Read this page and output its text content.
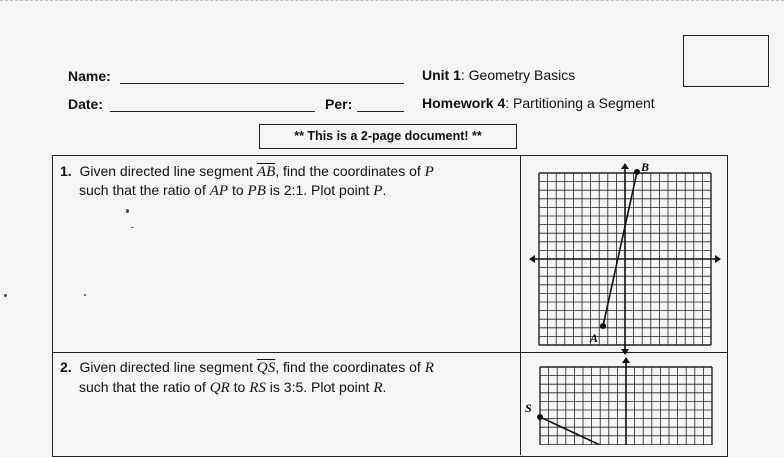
Name:
Date:	Per:
Unit 1: Geometry Basics
Homework 4: Partitioning a Segment
** This is a 2-page document! **
1. Given directed line segment $\overline{AB}$, find the coordinates of P
such that the ratio of AP to PB is 2:1. Plot point P.
2. Given directed line segment $\overline{QS}$, find the coordinates of R
such that the ratio of QR to RS is 3:5. Plot point R.
A
B
S
